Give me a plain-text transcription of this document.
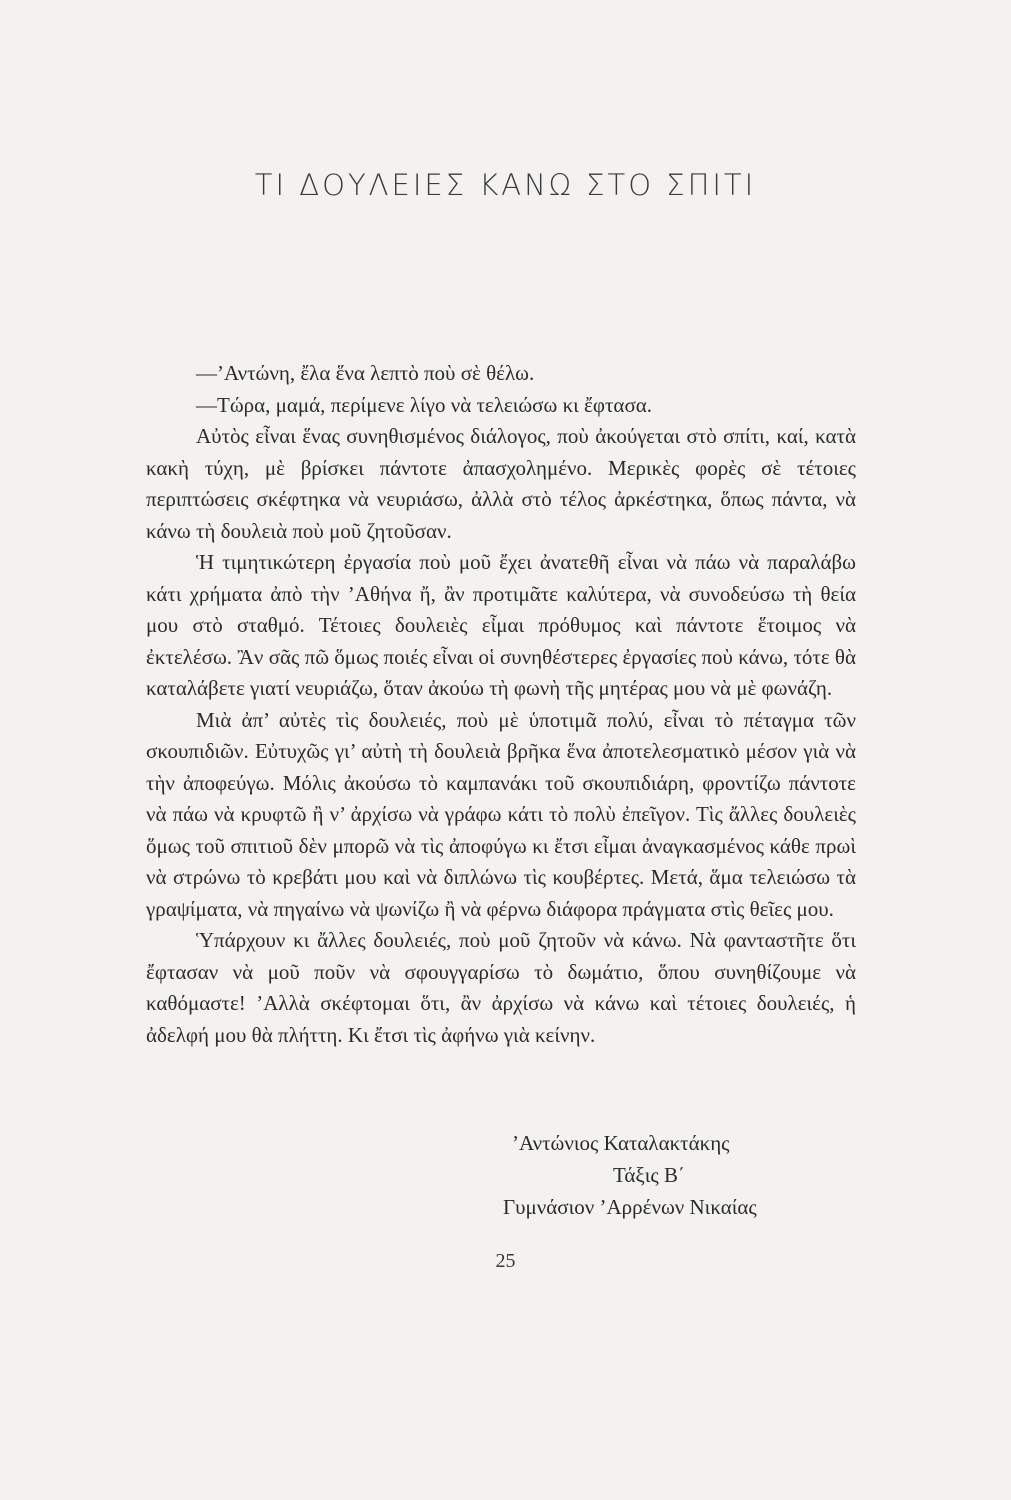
ΤΙ ΔΟΥΛΕΙΕΣ ΚΑΝΩ ΣΤΟ ΣΠΙΤΙ

—’Αντώνη, ἔλα ἕνα λεπτὸ ποὺ σὲ θέλω.

—Τώρα, μαμά, περίμενε λίγο νὰ τελειώσω κι ἔφτασα.

Αὐτὸς εἶναι ἕνας συνηθισμένος διάλογος, ποὺ ἀκούγεται στὸ σπίτι, καί, κατὰ κακὴ τύχη, μὲ βρίσκει πάντοτε ἀπασχολημένο. Μερικὲς φορὲς σὲ τέτοιες περιπτώσεις σκέφτηκα νὰ νευριάσω, ἀλλὰ στὸ τέλος ἀρκέστηκα, ὅπως πάντα, νὰ κάνω τὴ δουλειὰ ποὺ μοῦ ζητοῦσαν.

Ἡ τιμητικώτερη ἐργασία ποὺ μοῦ ἔχει ἀνατεθῆ εἶναι νὰ πάω νὰ παραλάβω κάτι χρήματα ἀπὸ τὴν ’Αθήνα ἤ, ἂν προτιμᾶτε καλύτερα, νὰ συνοδεύσω τὴ θεία μου στὸ σταθμό. Τέτοιες δουλειὲς εἶμαι πρόθυμος καὶ πάντοτε ἕτοιμος νὰ ἐκτελέσω. Ἂν σᾶς πῶ ὅμως ποιές εἶναι οἱ συνηθέστερες ἐργασίες ποὺ κάνω, τότε θὰ καταλάβετε γιατί νευριάζω, ὅταν ἀκούω τὴ φωνὴ τῆς μητέρας μου νὰ μὲ φωνάζη.

Μιὰ ἀπ’ αὐτὲς τὶς δουλειές, ποὺ μὲ ὑποτιμᾶ πολύ, εἶναι τὸ πέταγμα τῶν σκουπιδιῶν. Εὐτυχῶς γι’ αὐτὴ τὴ δουλειὰ βρῆκα ἕνα ἀποτελεσματικὸ μέσον γιὰ νὰ τὴν ἀποφεύγω. Μόλις ἀκούσω τὸ καμπανάκι τοῦ σκουπιδιάρη, φροντίζω πάντοτε νὰ πάω νὰ κρυφτῶ ἢ ν’ ἀρχίσω νὰ γράφω κάτι τὸ πολὺ ἐπεῖγον. Τὶς ἄλλες δουλειὲς ὅμως τοῦ σπιτιοῦ δὲν μπορῶ νὰ τὶς ἀποφύγω κι ἔτσι εἶμαι ἀναγκασμένος κάθε πρωὶ νὰ στρώνω τὸ κρεβάτι μου καὶ νὰ διπλώνω τὶς κουβέρτες. Μετά, ἅμα τελειώσω τὰ γραψίματα, νὰ πηγαίνω νὰ ψωνίζω ἢ νὰ φέρνω διάφορα πράγματα στὶς θεῖες μου.

Ὑπάρχουν κι ἄλλες δουλειές, ποὺ μοῦ ζητοῦν νὰ κάνω. Νὰ φανταστῆτε ὅτι ἔφτασαν νὰ μοῦ ποῦν νὰ σφουγγαρίσω τὸ δωμάτιο, ὅπου συνηθίζουμε νὰ καθόμαστε! ’Αλλὰ σκέφτομαι ὅτι, ἂν ἀρχίσω νὰ κάνω καὶ τέτοιες δουλειές, ἡ ἀδελφή μου θὰ πλήττη. Κι ἔτσι τὶς ἀφήνω γιὰ κείνην.

’Αντώνιος Καταλακτάκης
Τάξις Β΄
Γυμνάσιον ’Αρρένων Νικαίας
25
